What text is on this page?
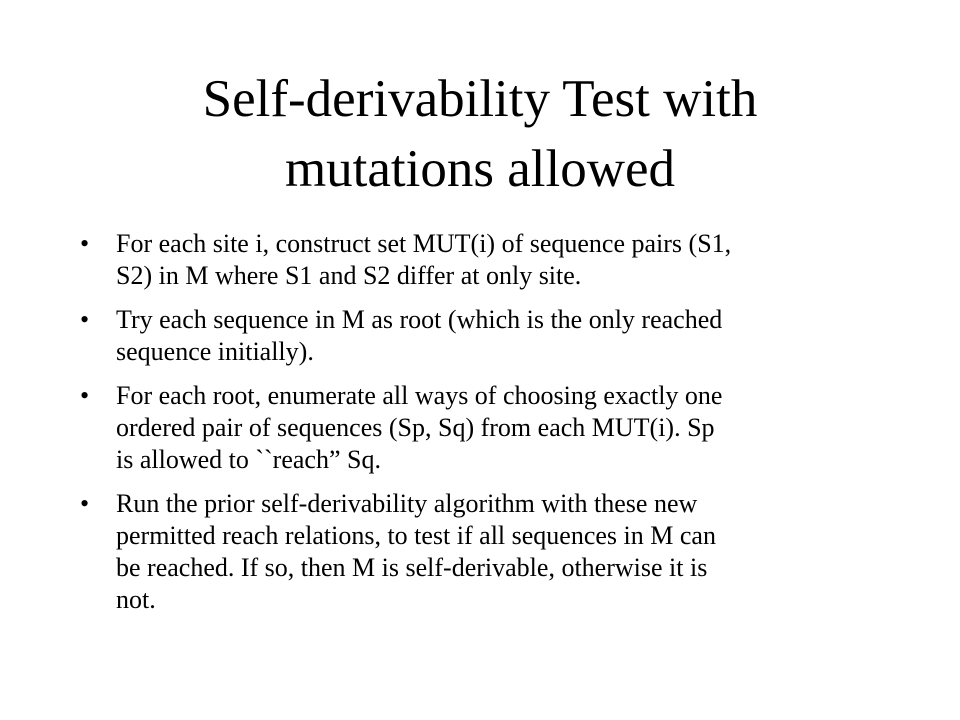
Self-derivability Test with
mutations allowed
•	For each site i, construct set MUT(i) of sequence pairs (S1,
S2) in M where S1 and S2 differ at only site.
•	Try each sequence in M as root (which is the only reached
sequence initially).
•	For each root, enumerate all ways of choosing exactly one
ordered pair of sequences (Sp, Sq) from each MUT(i). Sp
is allowed to ``reach” Sq.
•	Run the prior self-derivability algorithm with these new
permitted reach relations, to test if all sequences in M can
be reached. If so, then M is self-derivable, otherwise it is
not.
